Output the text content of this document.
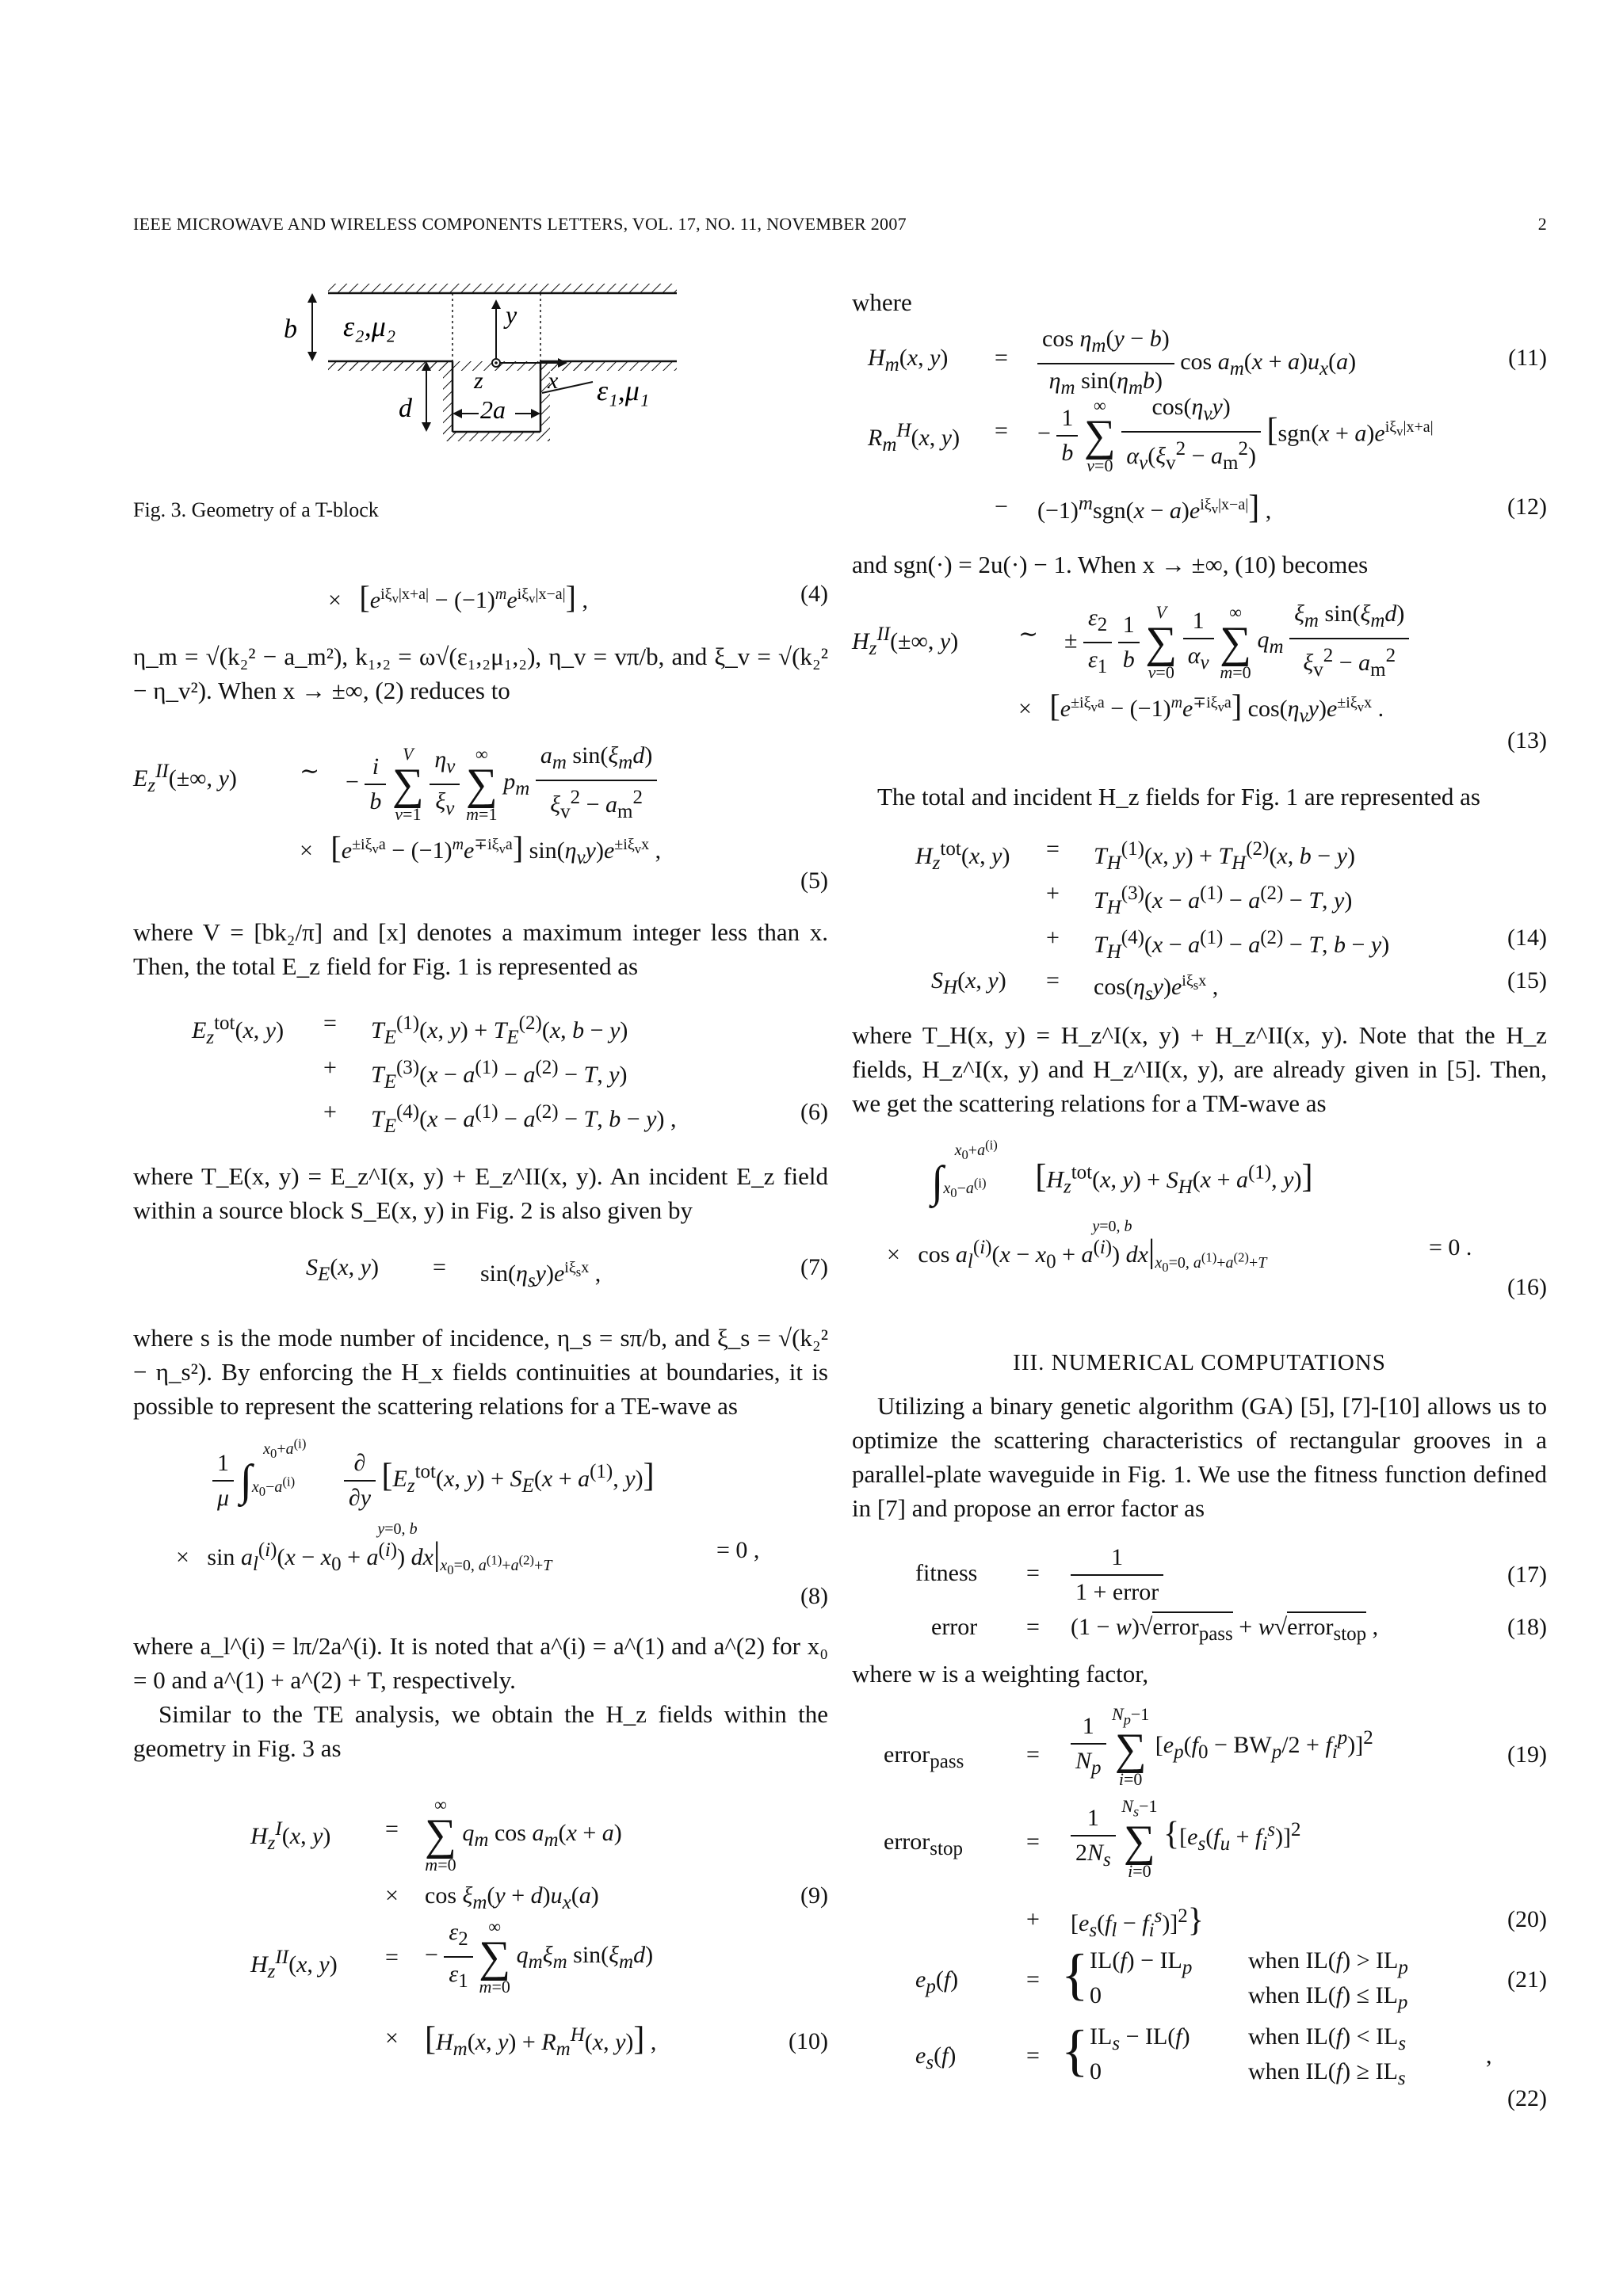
IEEE MICROWAVE AND WIRELESS COMPONENTS LETTERS, VOL. 17, NO. 11, NOVEMBER 2007	2
b
d
ε₂,μ₂	y
x
z
2a
ε₁,μ₁

Fig. 3. Geometry of a T-block

×   $[e^{i\xi_v|x+a|} - (-1)^me^{i\xi_v|x-a|}]$ ,	(4)

η_m = √(k₂² − a_m²), k₁,₂ = ω√(ε₁,₂μ₁,₂), η_v = vπ/b, and ξ_v = √(k₂² − η_v²). When x → ±∞, (2) reduces to

$E_z^{II}(\pm\infty$, y)	∼ − $\frac{i}{b}$ V
∑
$v=1 \frac{\eta_v}{\xi_v}$ ∞
∑
m=1 $p_m \frac{a_m \sin(\xi_md)}{\xi_v^2 - a_m^2}$
×   $[e^{\pm i\xi_va} - (-1)^me^{\mp i\xi_va}]$ $\sin(\eta_vy)e^{\pm i\xi_vx}$ ,
(5)

where V = [bk₂/π] and [x] denotes a maximum integer less than x. Then, the total E_z field for Fig. 1 is represented as

$E_z^{tot}(x$, $y) = T_E^{(1)}(x$, $y) + T_E^{(2)}(x$, b − y)
+ $T_E^{(3)}(x - a^{(1)} - a^{(2)} - T$, y)
+ $T_E^{(4)}(x - a^{(1)} - a^{(2)} - T$, b − y) ,	(6)

where T_E(x, y) = E_z^I(x, y) + E_z^II(x, y). An incident E_z field within a source block S_E(x, y) in Fig. 2 is also given by

$S_E(x$, $y) = \sin(\eta_sy)e^{i\xi_sx}$ ,	(7)

where s is the mode number of incidence, η_s = sπ/b, and ξ_s = √(k₂² − η_s²). By enforcing the H_x fields continuities at boundaries, it is possible to represent the scattering relations for a TE-wave as

$\frac{1}{\mu} \int_{x_0-a^{(i)}}^{x_0+a^{(i)}}$
$\frac{\partial}{\partial y} [E_z^{tot}(x$, $y) + S_E(x + a^{(1)}$, y)]
×   $\sin a_l^{(i)}(x - x_0 + a^{(i)})$ $dx|_{x_0=0, a^{(1)}+a^{(2)}+T}^{y=0, b}$
= 0 ,
(8)

where a_l^(i) = lπ/2a^(i). It is noted that a^(i) = a^(1) and a^(2) for x₀ = 0 and a^(1) + a^(2) + T, respectively.

Similar to the TE analysis, we obtain the H_z fields within the geometry in Fig. 3 as

$H_z^I(x$, y) =
∞
∑
m=0 $q_m$ $\cos a_m(x + a)$
× $\cos \xi_m(y + d)u_x(a)$	(9)
$H_z^{II}(x$, y) = − $\frac{\varepsilon_2}{\varepsilon_1}$ ∞
∑
m=0 $q_m\xi_m$ $\sin(\xi_md)$
× [$H_m(x$, $y) + R_m^H(x$, y)] ,	(10)

where

$H_m(x$, $y) = \frac{\cos \eta_m(y - b)}{\eta_m \sin(\eta_mb)}$ $\cos a_m(x + a)u_x(a)$	(11)
$R_m^H(x$, y) = − $\frac{1}{b}$ ∞
∑
$v=0 \frac{\cos(\eta_vy)}{\alpha_v(\xi_v^2 - a_m^2)} [sgn(x + a)e^{i\xi_v|x+a|}$
− $(-1)^msgn(x - a)e^{i\xi_v|x-a|}$] ,	(12)

and sgn(·) = 2u(·) − 1. When x → ±∞, (10) becomes

$H_z^{II}(\pm\infty$, y)	∼ ± $\frac{\varepsilon_2}{\varepsilon_1}$
$\frac{1}{b}$ V
∑
$v=0 \frac{1}{\alpha_v}$ ∞
∑
m=0 $q_m \frac{\xi_m \sin(\xi_md)}{\xi_v^2 - a_m^2}$
×   $[e^{\pm i\xi_va} - (-1)^me^{\mp i\xi_va}]$ $\cos(\eta_vy)e^{\pm i\xi_vx}$ .
(13)

The total and incident H_z fields for Fig. 1 are represented as

$H_z^{tot}(x$, $y) = T_H^{(1)}(x$, $y) + T_H^{(2)}(x$, b − y)
+ $T_H^{(3)}(x - a^{(1)} - a^{(2)} - T$, y)
+ $T_H^{(4)}(x - a^{(1)} - a^{(2)} - T$, b − y)	(14)
$S_H(x$, $y) = \cos(\eta_sy)e^{i\xi_sx}$ ,	(15)

where T_H(x, y) = H_z^I(x, y) + H_z^II(x, y). Note that the H_z fields, H_z^I(x, y) and H_z^II(x, y), are already given in [5]. Then, we get the scattering relations for a TM-wave as

$\int_{x_0-a^{(i)}}^{x_0+a^{(i)}}$ [$H_z^{tot}(x$, $y) + S_H(x + a^{(1)}$, y)]
×   $\cos a_l^{(i)}(x - x_0 + a^{(i)})$ $dx|_{x_0=0, a^{(1)}+a^{(2)}+T}^{y=0, b}$
= 0 .
(16)
III. NUMERICAL COMPUTATIONS

Utilizing a binary genetic algorithm (GA) [5], [7]-[10] allows us to optimize the scattering characteristics of rectangular grooves in a parallel-plate waveguide in Fig. 1. We use the fitness function defined in [7] and propose an error factor as

fitness = $\frac{1}{\text{1 + error}}$	(17)
error = (1 − w)√error$_{pass}$ + w√error$_{stop}$ ,	(18)

where w is a weighting factor,

error$_{pass}$	= $\frac{1}{N_p} N_p-1$
∑
i=0 $[e_p(f_0 - BW_p/2 + f_i^p)]^2$
(19)
error$_{stop}$	= $\frac{1}{2N_s} N_s-1$
∑
i=0 {$[e_s(f_u + f_i^s)]^2$
+ $[e_s(f_l - f_i^s)]^2$}	(20)
$e_p(f)$	= { $IL(f) - IL_p$ when $IL(f) > IL_p$
0	when $IL(f) \le IL_p$
(21)
$e_s(f)$	= { $IL_s - IL(f)$ when $IL(f) < IL_s$
0	when $IL(f) \ge IL_s$
,
(22)
